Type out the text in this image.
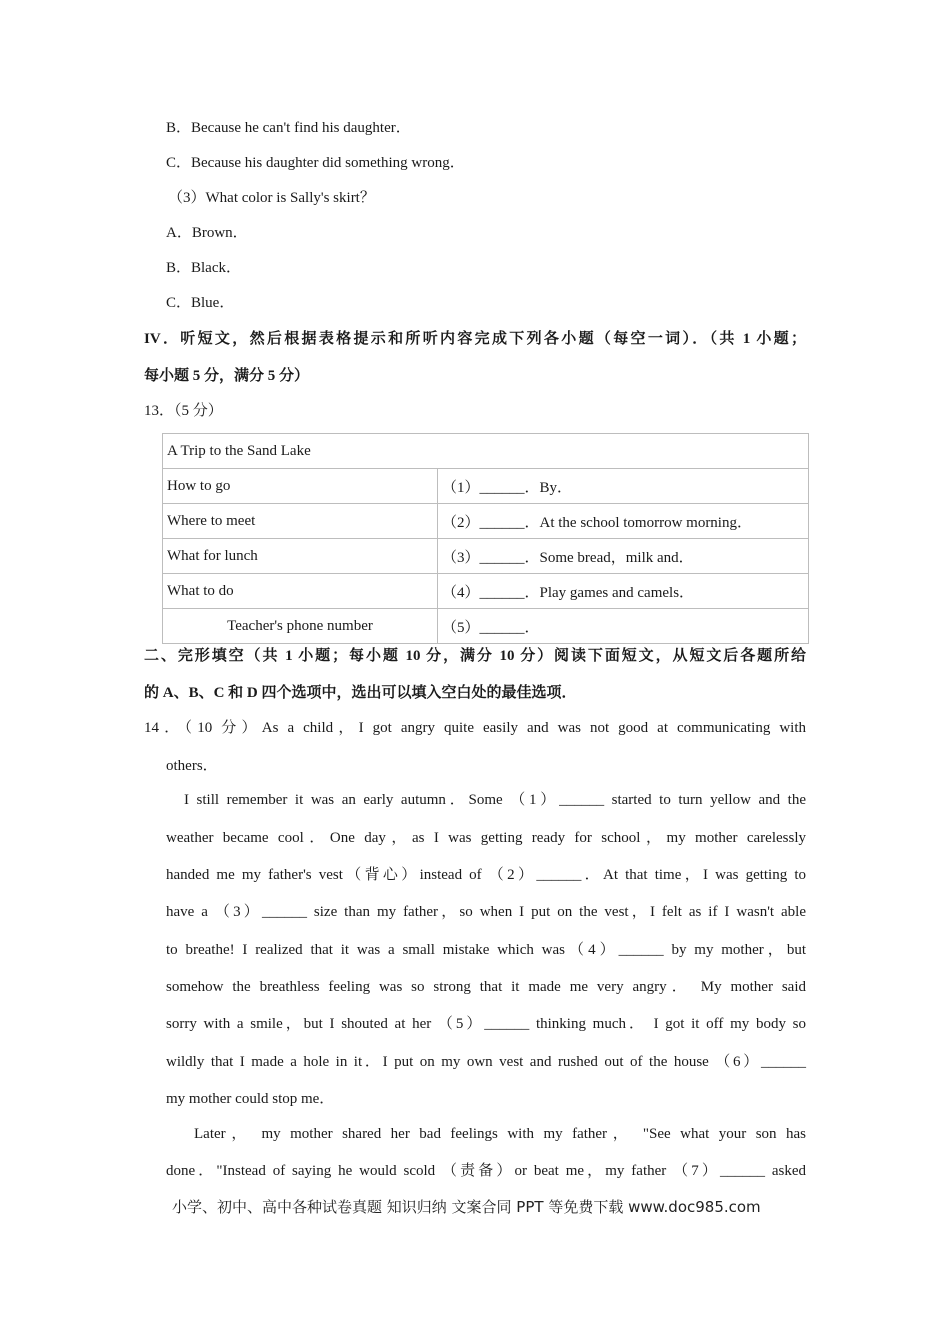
B．Because he can't find his daughter．
C．Because his daughter did something wrong．
（3）What color is Sally's skirt？
A．Brown．
B．Black．
C．Blue．
IV．听短文，然后根据表格提示和所听内容完成下列各小题（每空一词）．（共 1 小题；
每小题 5 分，满分 5 分）
13．（5 分）
A Trip to the Sand Lake	
How to go	（1）______．By．
Where to meet	（2）______．At the school tomorrow morning．
What for lunch	（3）______．Some bread，milk and．
What to do	（4）______．Play games and camels．
Teacher's phone number	（5）______．
二、完形填空（共 1 小题；每小题 10 分，满分 10 分）阅读下面短文，从短文后各题所给
的 A、B、C 和 D 四个选项中，选出可以填入空白处的最佳选项．
14．（10 分）As a child，I got angry quite easily and was not good at communicating with
others．
I still remember it was an early autumn．Some （1）______ started to turn yellow and the
weather became cool．One day，as I was getting ready for school，my mother carelessly
handed me my father's vest（背心）instead of （2）______．At that time，I was getting to
have a （3）______ size than my father，so when I put on the vest，I felt as if I wasn't able
to breathe! I realized that it was a small mistake which was（4）______ by my mother，but
somehow the breathless feeling was so strong that it made me very angry． My mother said
sorry with a smile，but I shouted at her （5）______ thinking much． I got it off my body so
wildly that I made a hole in it．I put on my own vest and rushed out of the house （6）______
my mother could stop me．
Later， my mother shared her bad feelings with my father， "See what your son has
done．"Instead of saying he would scold （责备）or beat me，my father （7）______ asked
小学、初中、高中各种试卷真题 知识归纳 文案合同 PPT 等免费下载 www.doc985.com
